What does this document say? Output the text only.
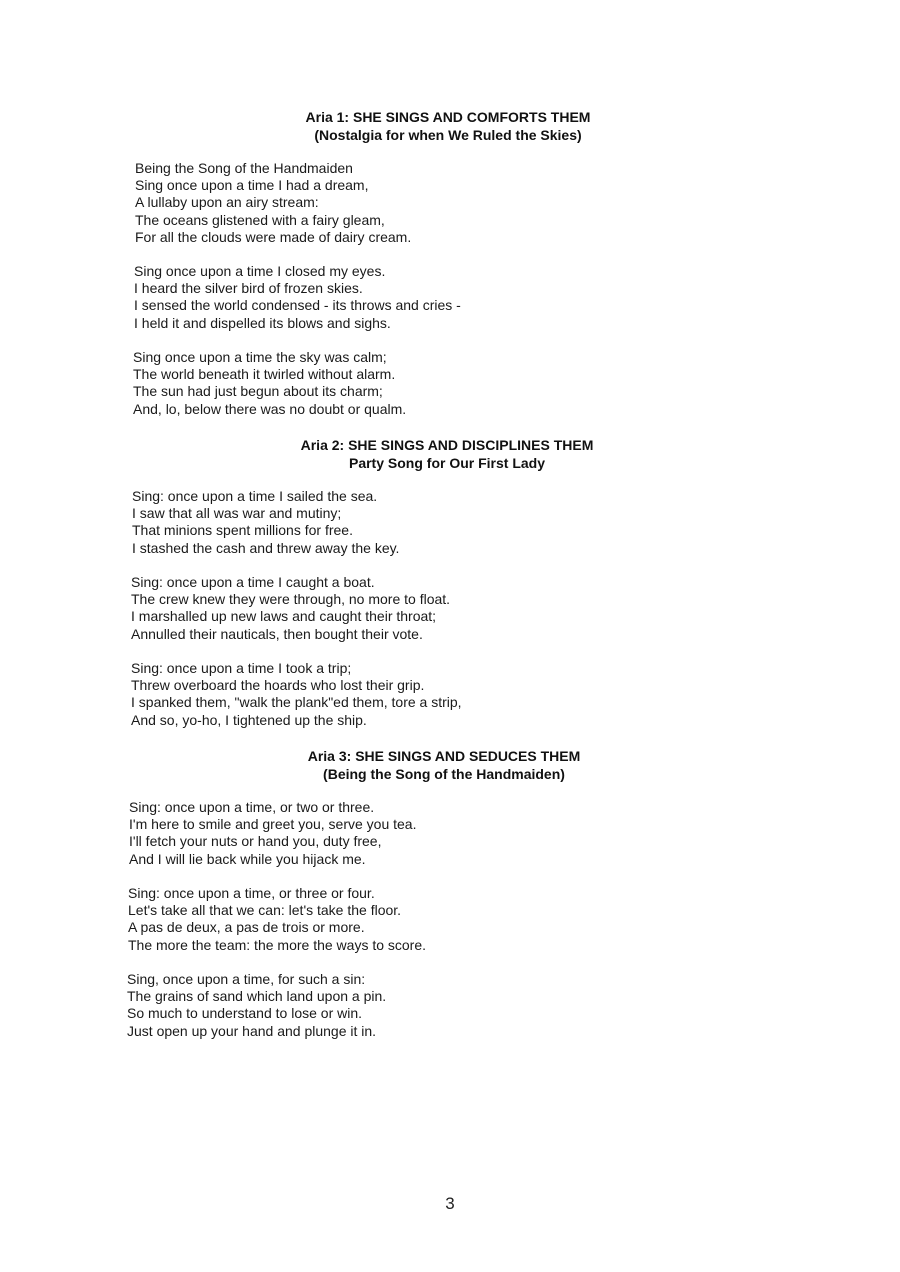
Aria 1: SHE SINGS AND COMFORTS THEM
(Nostalgia for when We Ruled the Skies)
Being the Song of the Handmaiden
Sing once upon a time I had a dream,
A lullaby upon an airy stream:
The oceans glistened with a fairy gleam,
For all the clouds were made of dairy cream.
Sing once upon a time I closed my eyes.
I heard the silver bird of frozen skies.
I sensed the world condensed - its throws and cries -
I held it and dispelled its blows and sighs.
Sing once upon a time the sky was calm;
The world beneath it twirled without alarm.
The sun had just begun about its charm;
And, lo, below there was no doubt or qualm.
Aria 2: SHE SINGS AND DISCIPLINES THEM
Party Song for Our First Lady
Sing: once upon a time I sailed the sea.
I saw that all was war and mutiny;
That minions spent millions for free.
I stashed the cash and threw away the key.
Sing: once upon a time I caught a boat.
The crew knew they were through, no more to float.
I marshalled up new laws and caught their throat;
Annulled their nauticals, then bought their vote.
Sing: once upon a time I took a trip;
Threw overboard the hoards who lost their grip.
I spanked them, "walk the plank"ed them, tore a strip,
And so, yo-ho, I tightened up the ship.
Aria 3: SHE SINGS AND SEDUCES THEM
(Being the Song of the Handmaiden)
Sing: once upon a time, or two or three.
I'm here to smile and greet you, serve you tea.
I'll fetch your nuts or hand you, duty free,
And I will lie back while you hijack me.
Sing: once upon a time, or three or four.
Let's take all that we can: let's take the floor.
A pas de deux, a pas de trois or more.
The more the team: the more the ways to score.
Sing, once upon a time, for such a sin:
The grains of sand which land upon a pin.
So much to understand to lose or win.
Just open up your hand and plunge it in.
3
